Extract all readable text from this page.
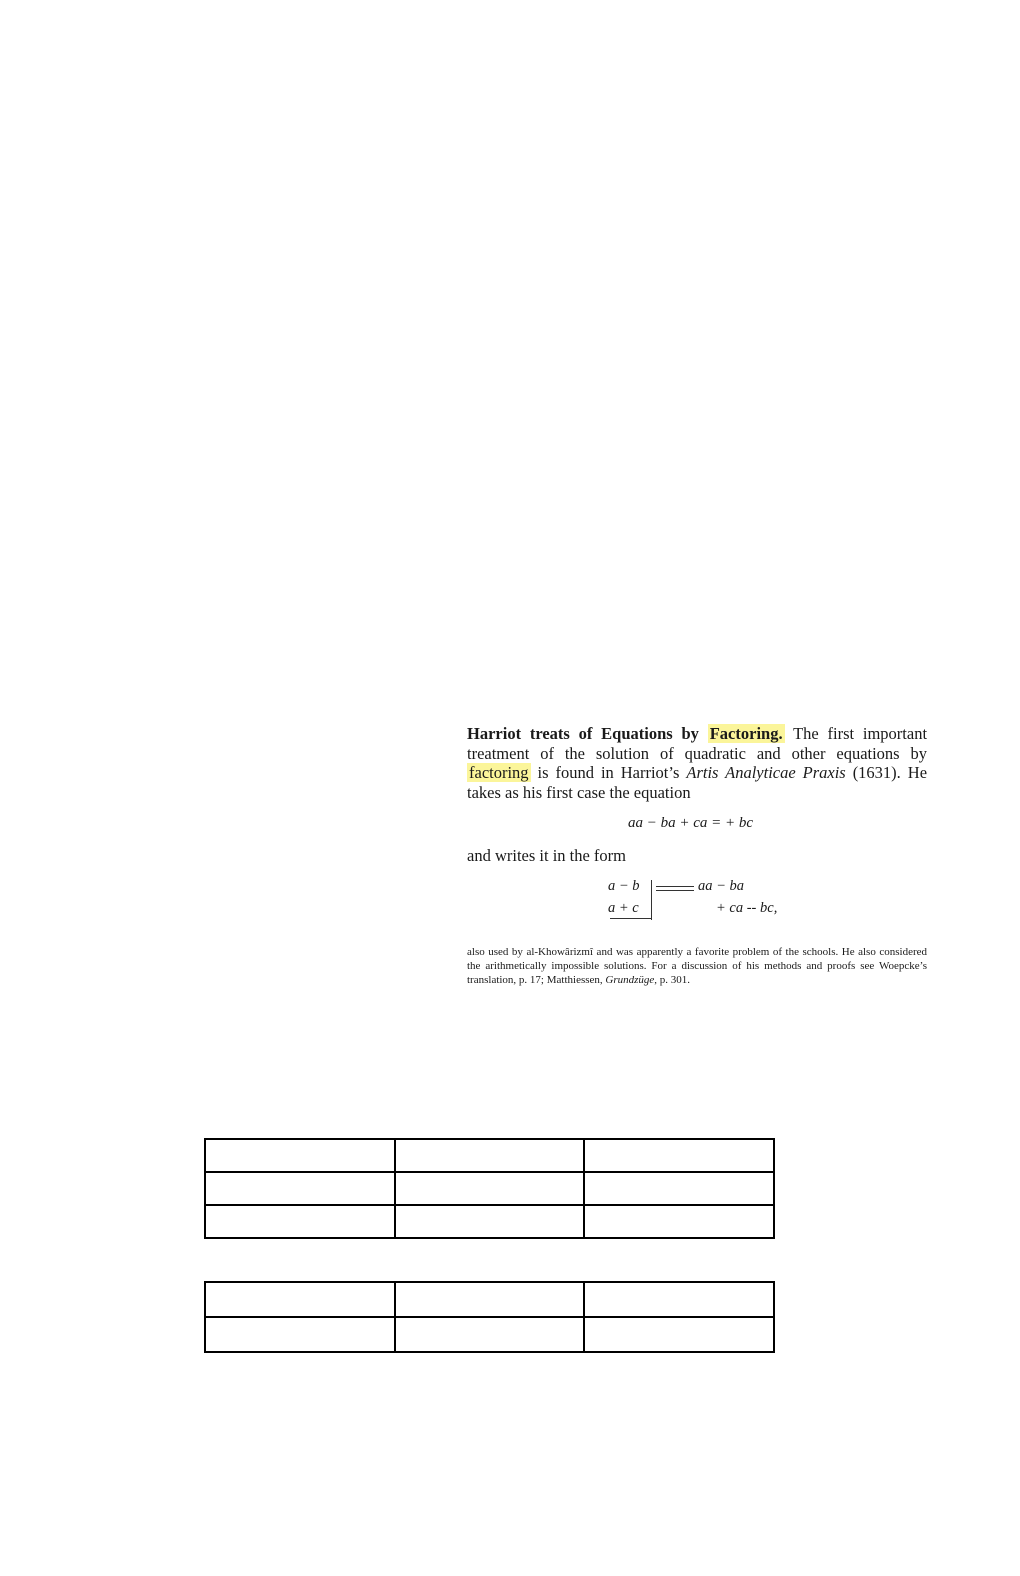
Harriot treats of Equations by Factoring. The first important treatment of the solution of quadratic and other equations by factoring is found in Harriot’s Artis Analyticae Praxis (1631). He takes as his first case the equation

aa − ba + ca = + bc

and writes it in the form

a − b
a + c
aa − ba
+ ca -- bc,

also used by al-Khowârizmî and was apparently a favorite problem of the schools. He also considered the arithmetically impossible solutions. For a discussion of his methods and proofs see Woepcke’s translation, p. 17; Matthiessen, Grundzüge, p. 301.
